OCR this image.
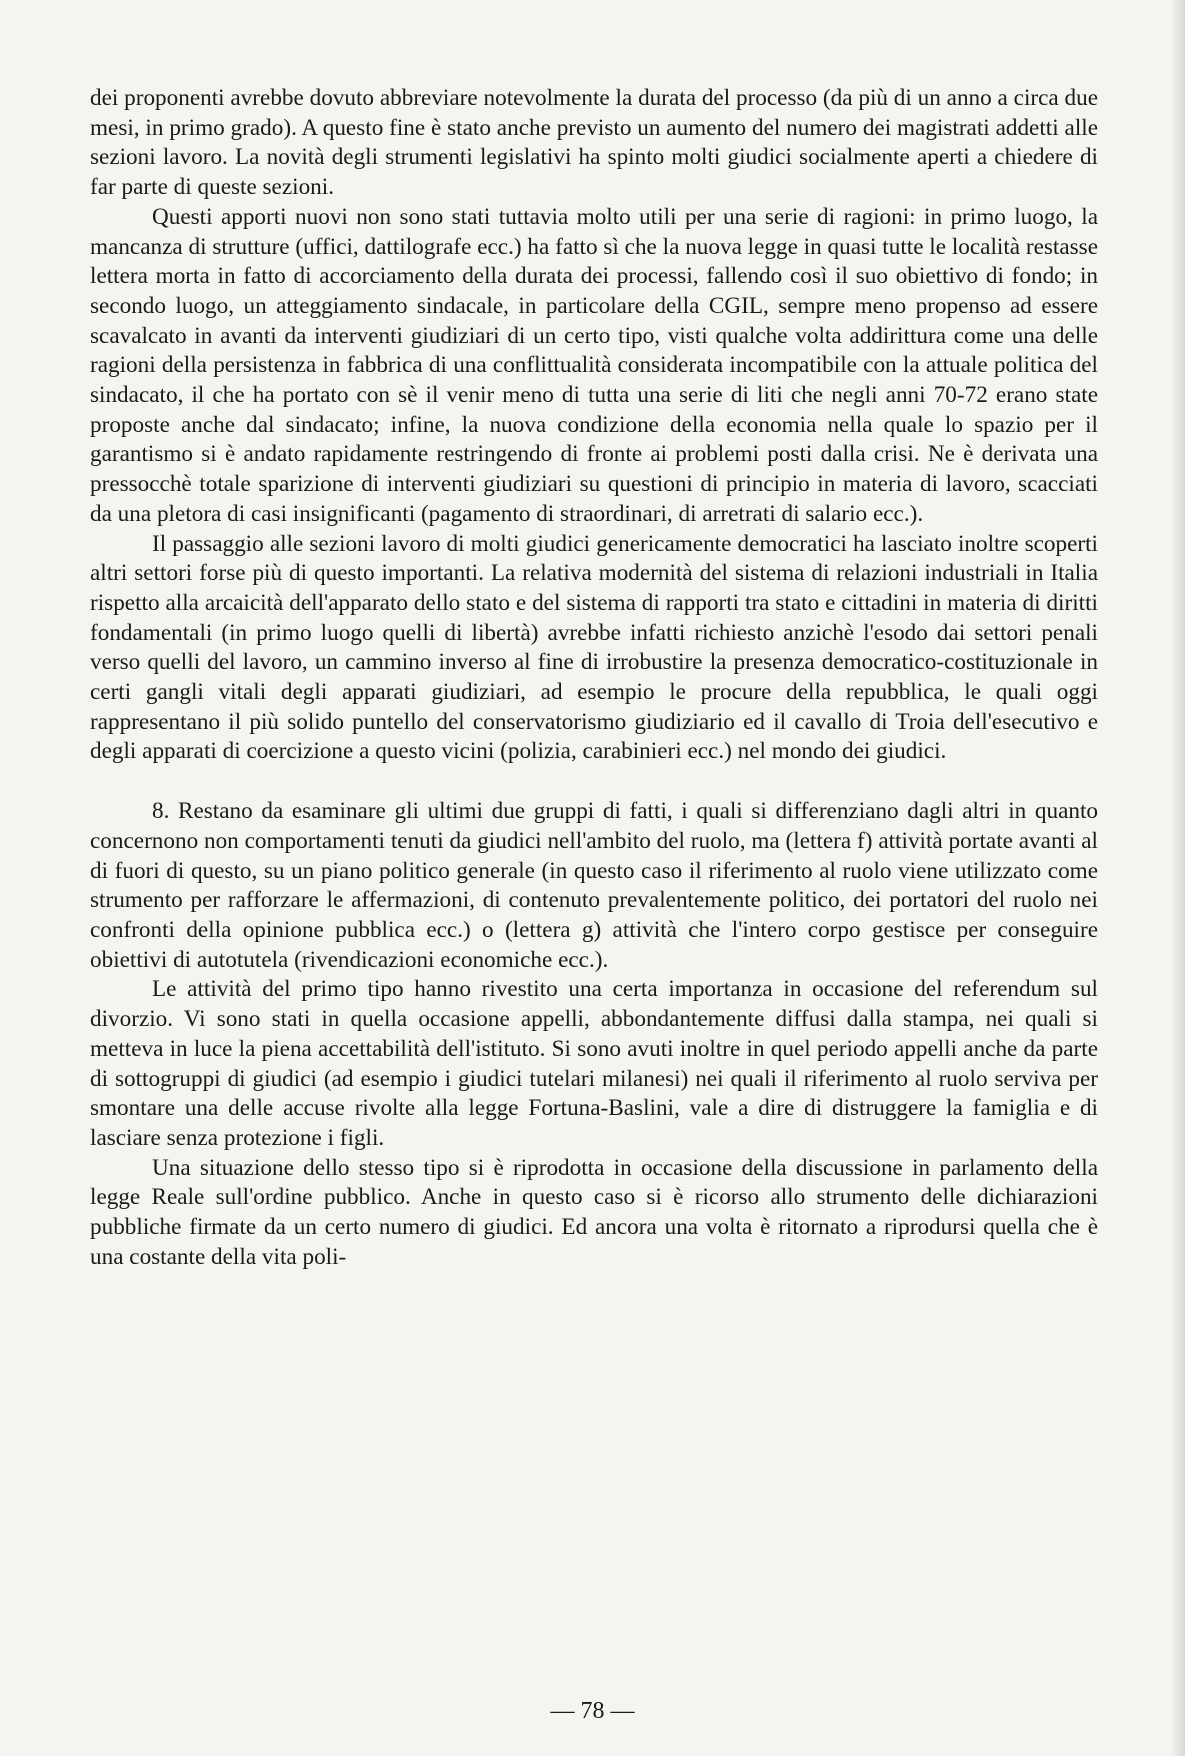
dei proponenti avrebbe dovuto abbreviare notevolmente la durata del processo (da più di un anno a circa due mesi, in primo grado). A questo fine è stato anche previsto un aumento del numero dei magistrati addetti alle sezioni lavoro. La novità degli strumenti legislativi ha spinto molti giudici socialmente aperti a chiedere di far parte di queste sezioni.

Questi apporti nuovi non sono stati tuttavia molto utili per una serie di ragioni: in primo luogo, la mancanza di strutture (uffici, dattilografe ecc.) ha fatto sì che la nuova legge in quasi tutte le località restasse lettera morta in fatto di accorciamento della durata dei processi, fallendo così il suo obiettivo di fondo; in secondo luogo, un atteggiamento sindacale, in particolare della CGIL, sempre meno propenso ad essere scavalcato in avanti da interventi giudiziari di un certo tipo, visti qualche volta addirittura come una delle ragioni della persistenza in fabbrica di una conflittualità considerata incompatibile con la attuale politica del sindacato, il che ha portato con sè il venir meno di tutta una serie di liti che negli anni 70-72 erano state proposte anche dal sindacato; infine, la nuova condizione della economia nella quale lo spazio per il garantismo si è andato rapidamente restringendo di fronte ai problemi posti dalla crisi. Ne è derivata una pressocchè totale sparizione di interventi giudiziari su questioni di principio in materia di lavoro, scacciati da una pletora di casi insignificanti (pagamento di straordinari, di arretrati di salario ecc.).

Il passaggio alle sezioni lavoro di molti giudici genericamente democratici ha lasciato inoltre scoperti altri settori forse più di questo importanti. La relativa modernità del sistema di relazioni industriali in Italia rispetto alla arcaicità dell'apparato dello stato e del sistema di rapporti tra stato e cittadini in materia di diritti fondamentali (in primo luogo quelli di libertà) avrebbe infatti richiesto anzichè l'esodo dai settori penali verso quelli del lavoro, un cammino inverso al fine di irrobustire la presenza democratico-costituzionale in certi gangli vitali degli apparati giudiziari, ad esempio le procure della repubblica, le quali oggi rappresentano il più solido puntello del conservatorismo giudiziario ed il cavallo di Troia dell'esecutivo e degli apparati di coercizione a questo vicini (polizia, carabinieri ecc.) nel mondo dei giudici.

8. Restano da esaminare gli ultimi due gruppi di fatti, i quali si differenziano dagli altri in quanto concernono non comportamenti tenuti da giudici nell'ambito del ruolo, ma (lettera f) attività portate avanti al di fuori di questo, su un piano politico generale (in questo caso il riferimento al ruolo viene utilizzato come strumento per rafforzare le affermazioni, di contenuto prevalentemente politico, dei portatori del ruolo nei confronti della opinione pubblica ecc.) o (lettera g) attività che l'intero corpo gestisce per conseguire obiettivi di autotutela (rivendicazioni economiche ecc.).

Le attività del primo tipo hanno rivestito una certa importanza in occasione del referendum sul divorzio. Vi sono stati in quella occasione appelli, abbondantemente diffusi dalla stampa, nei quali si metteva in luce la piena accettabilità dell'istituto. Si sono avuti inoltre in quel periodo appelli anche da parte di sottogruppi di giudici (ad esempio i giudici tutelari milanesi) nei quali il riferimento al ruolo serviva per smontare una delle accuse rivolte alla legge Fortuna-Baslini, vale a dire di distruggere la famiglia e di lasciare senza protezione i figli.

Una situazione dello stesso tipo si è riprodotta in occasione della discussione in parlamento della legge Reale sull'ordine pubblico. Anche in questo caso si è ricorso allo strumento delle dichiarazioni pubbliche firmate da un certo numero di giudici. Ed ancora una volta è ritornato a riprodursi quella che è una costante della vita poli-

— 78 —
